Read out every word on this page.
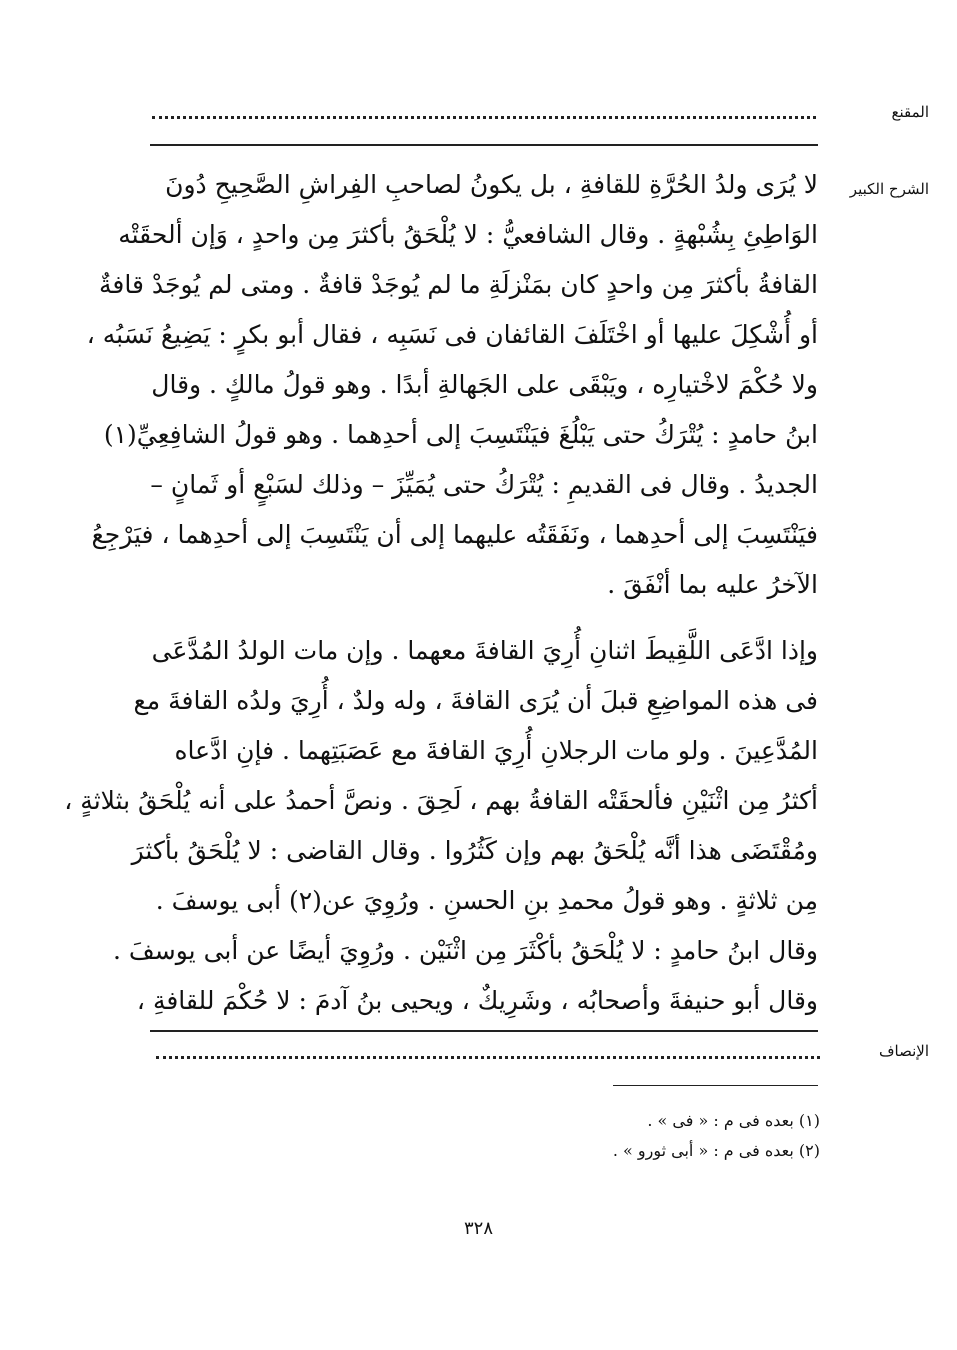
المقنع
الشرح الكبير

لا يُرَى ولدُ الحُرَّةِ للقافةِ ، بل يكونُ لصاحبِ الفِراشِ الصَّحِيحِ دُونَ

الوَاطِئِ بِشُبْهةٍ . وقال الشافعيُّ : لا يُلْحَقُ بأكثرَ مِن واحدٍ ، وَإن ألحقَتْه

القافةُ بأكثرَ مِن واحدٍ كان بمَنْزلَةِ ما لم يُوجَدْ قافةٌ . ومتى لم يُوجَدْ قافةٌ

أو أُشْكِلَ عليها أو اخْتَلَفَ القائفان فى نَسَبِه ، فقال أبو بكرٍ : يَضِيعُ نَسَبُه ،

ولا حُكْمَ لاخْتيارِه ، ويَبْقَى على الجَهالةِ أبدًا . وهو قولُ مالكٍ . وقال

ابنُ حامدٍ : يُتْرَكُ حتى يَبْلُغَ فيَنْتَسِبَ إلى أحدِهما . وهو قولُ الشافِعِيِّ(١)

الجديدُ . وقال فى القديمِ : يُتْرَكُ حتى يُمَيِّزَ – وذلك لسَبْعٍ أو ثَمانٍ –

فيَنْتَسِبَ إلى أحدِهما ، ونَفَقَتُه عليهما إلى أن يَنْتَسِبَ إلى أحدِهما ، فيَرْجِعُ

الآخرُ عليه بما أنْفَقَ .

وإذا ادَّعَى اللَّقِيطَ اثنانِ أُرِيَ القافةَ معهما . وإن مات الولدُ المُدَّعَى

فى هذه المواضِعِ قبلَ أن يُرَى القافةَ ، وله ولدٌ ، أُرِيَ ولدُه القافةَ مع

المُدَّعِينَ . ولو مات الرجلانِ أُرِيَ القافةَ مع عَصَبَتِهما . فإنِ ادَّعاه

أكثرُ مِن اثْنَيْنِ فألحقَتْه القافةُ بهم ، لَحِقَ . ونصَّ أحمدُ على أنه يُلْحَقُ بثلاثةٍ ،

ومُقْتَضَى هذا أنَّه يُلْحَقُ بهم وإن كَثُرُوا . وقال القاضى : لا يُلْحَقُ بأكثرَ

مِن ثلاثةٍ . وهو قولُ محمدِ بنِ الحسنِ . ورُوِيَ عن(٢) أبى يوسفَ .

وقال ابنُ حامدٍ : لا يُلْحَقُ بأكْثَرَ مِن اثْنَيْن . ورُوِيَ أيضًا عن أبى يوسفَ .

وقال أبو حنيفةَ وأصحابُه ، وشَرِيكٌ ، ويحيى بنُ آدمَ : لا حُكْمَ للقافةِ ،

الإنصاف
(١) بعده فى م : « فى » .
(٢) بعده فى م : « أبى ثورو » .
٣٢٨
